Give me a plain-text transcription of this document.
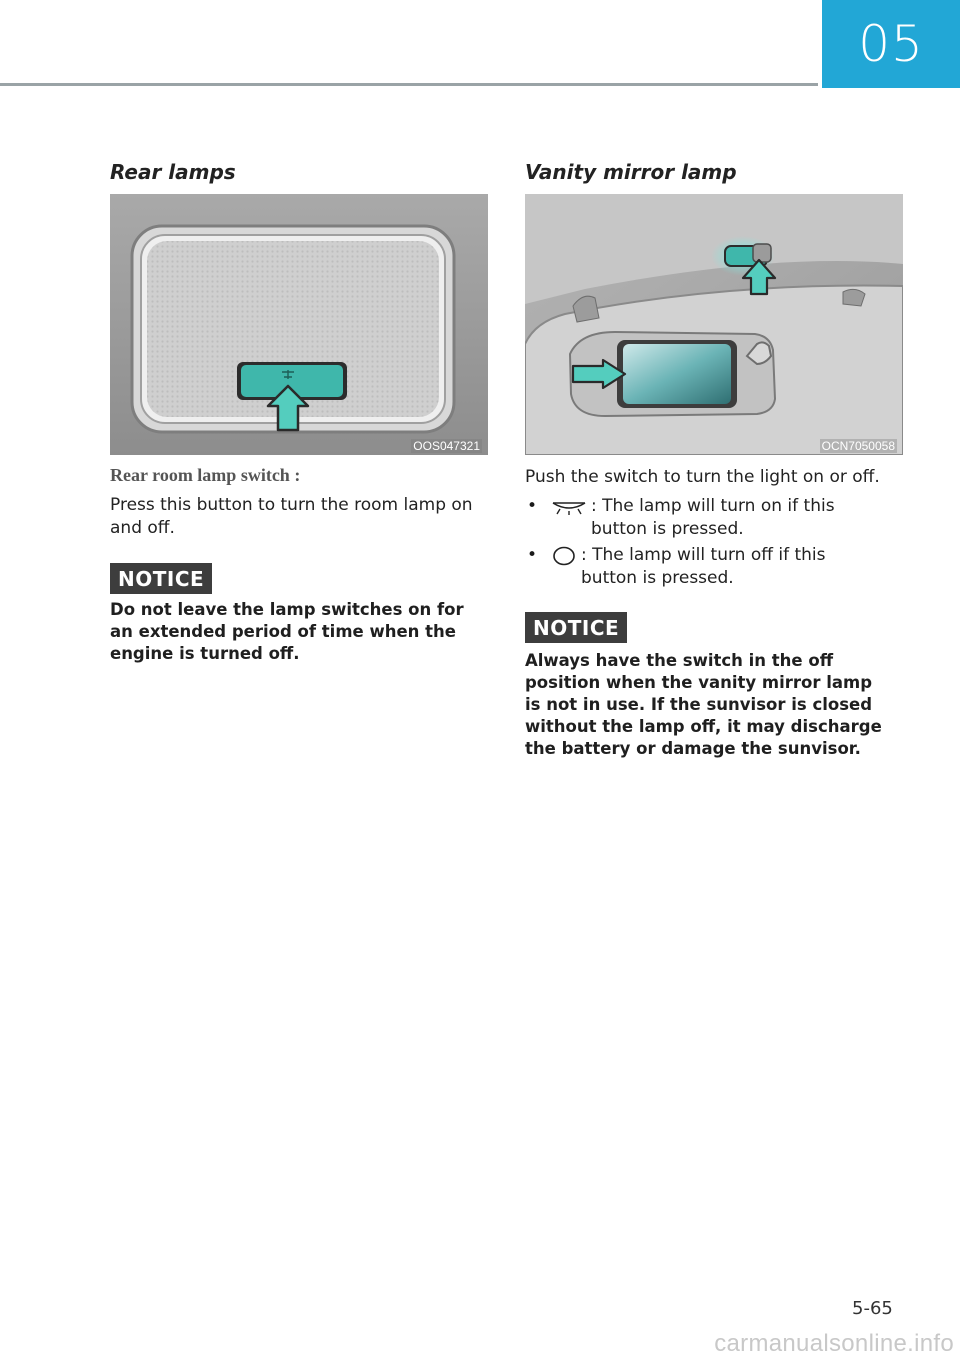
05
Rear lamps
OOS047321
Rear room lamp switch :
Press this button to turn the room lamp on and off.
NOTICE
Do not leave the lamp switches on for an extended period of time when the engine is turned off.
Vanity mirror lamp
OCN7050058
Push the switch to turn the light on or off.
•	: The lamp will turn on if this button is pressed.
•	: The lamp will turn off if this button is pressed.
NOTICE
Always have the switch in the off position when the vanity mirror lamp is not in use. If the sunvisor is closed without the lamp off, it may discharge the battery or damage the sunvisor.
5-65
carmanualsonline.info
